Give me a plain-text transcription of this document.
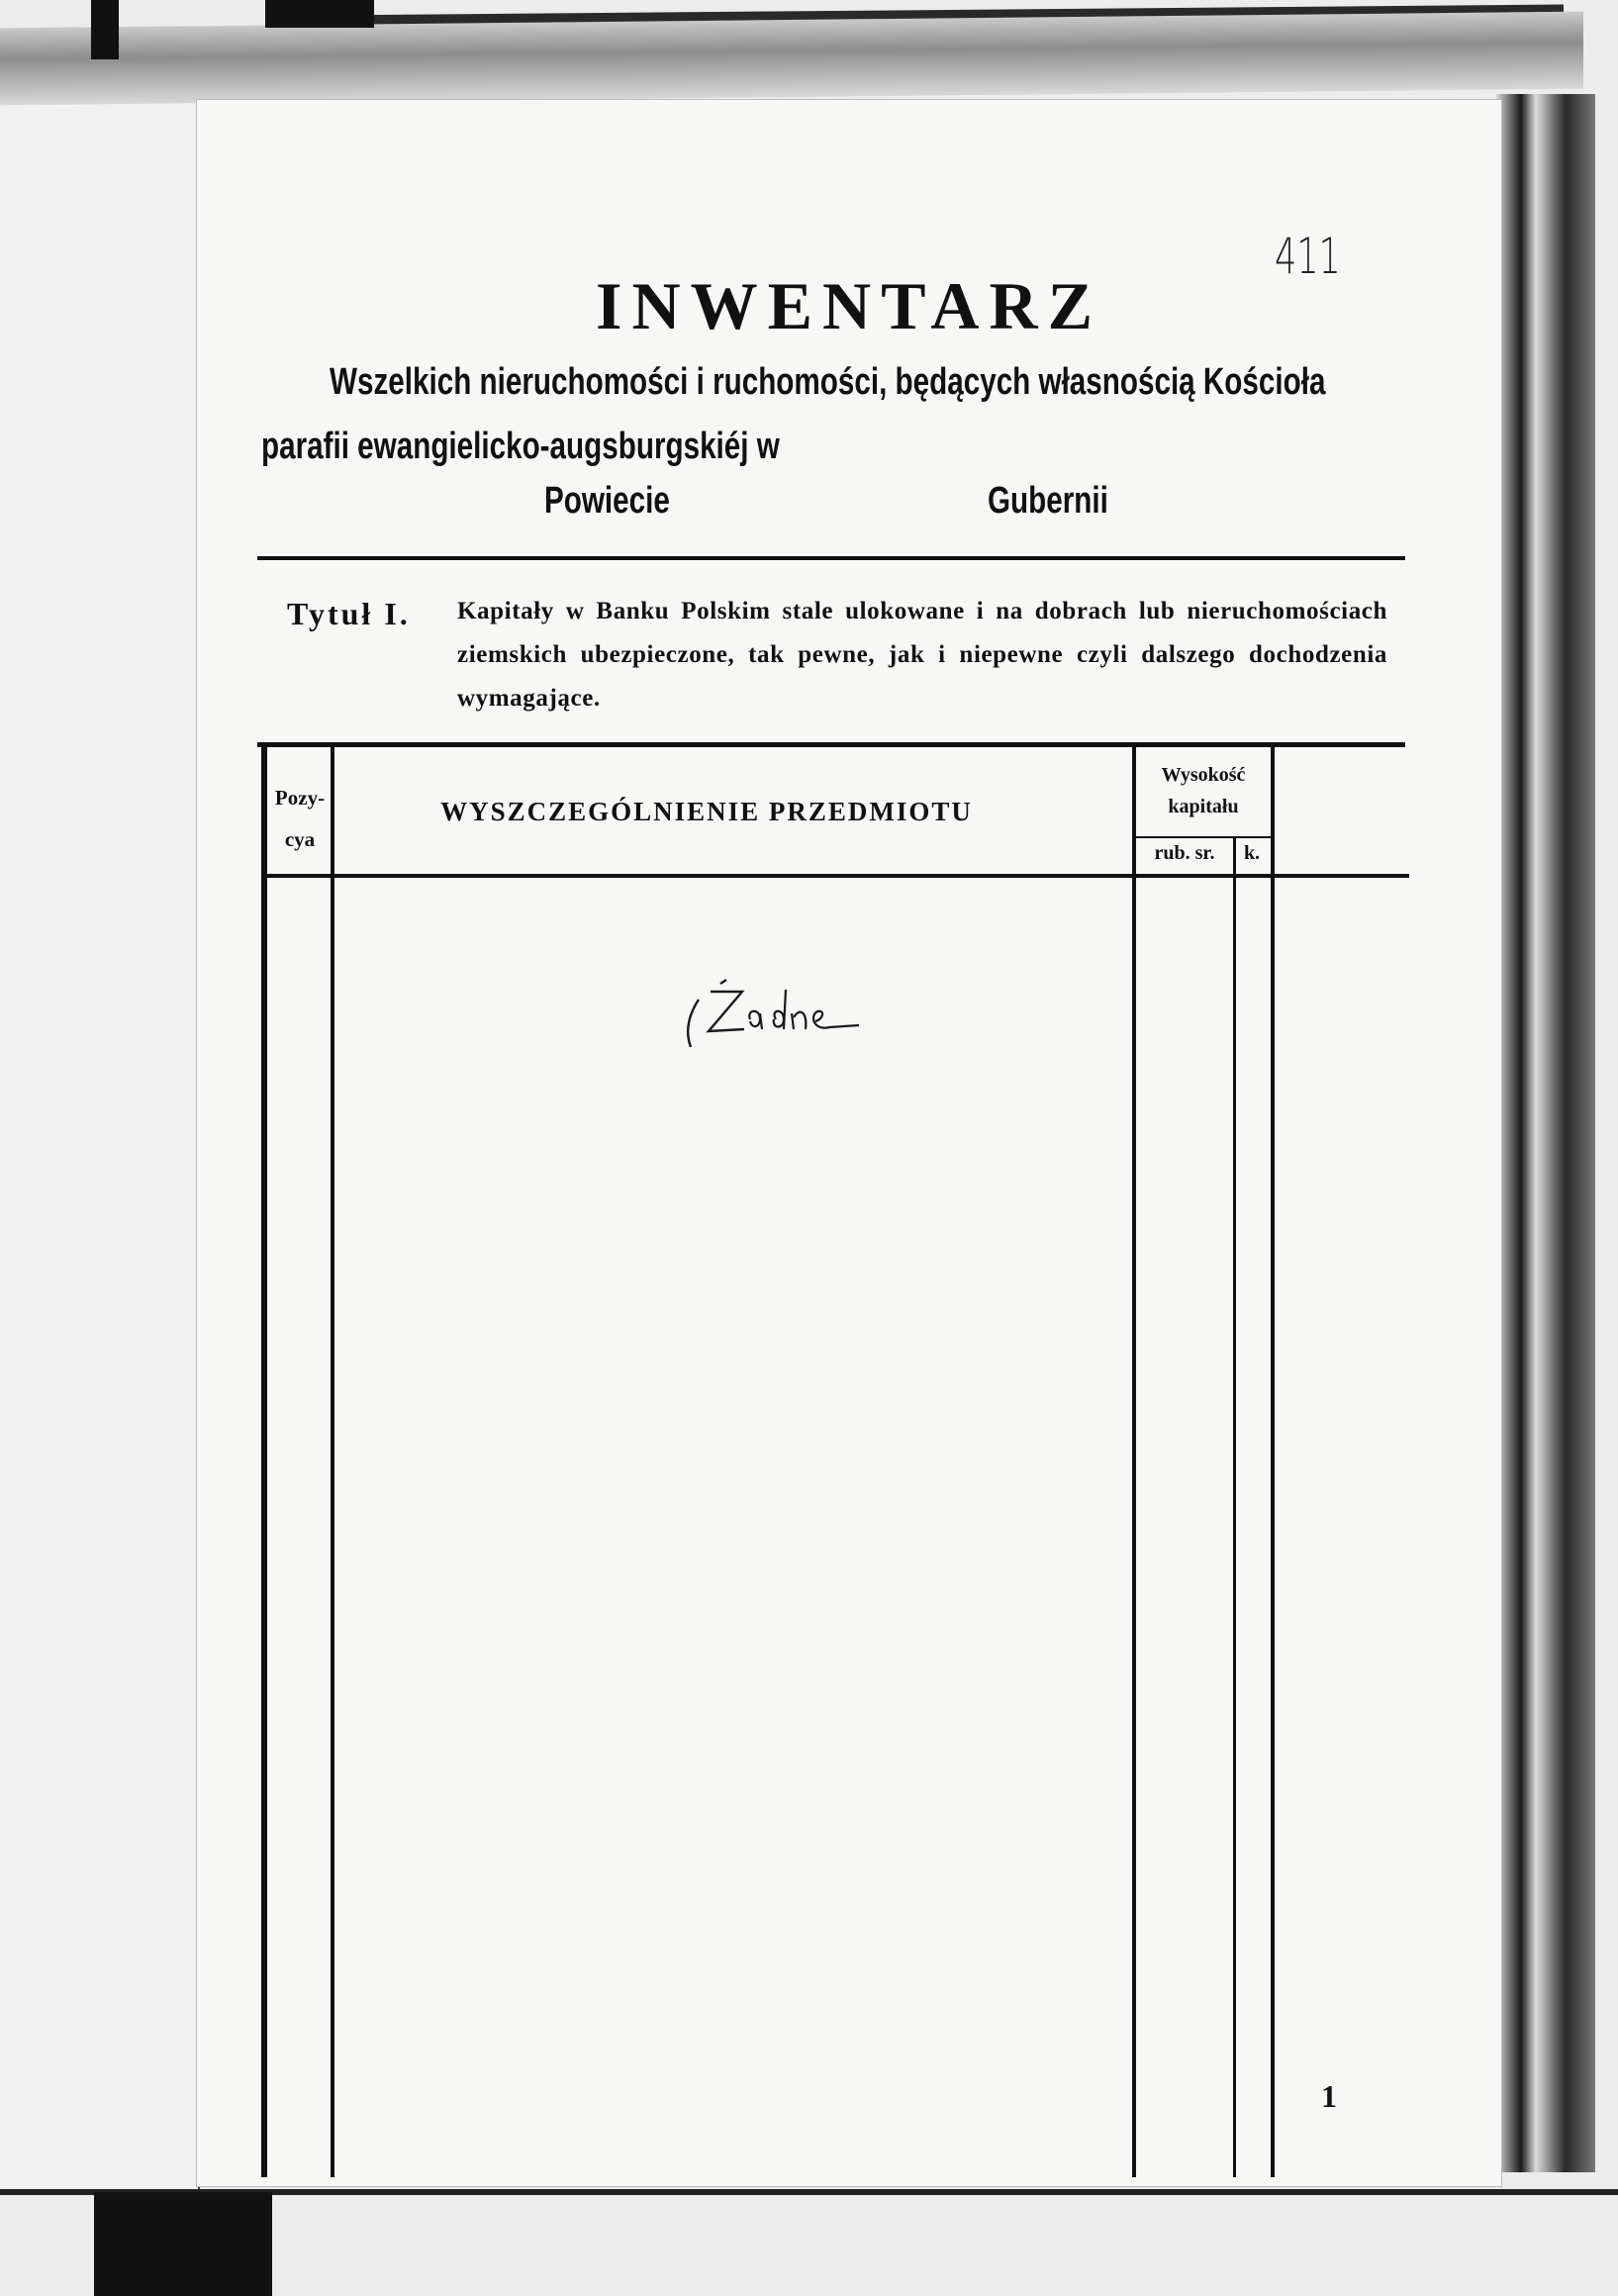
411
INWENTARZ
Wszelkich nieruchomości i ruchomości, będących własnością Kościoła
parafii ewangielicko-augsburgskiéj w
Powiecie	Gubernii
Tytuł I. Kapitały w Banku Polskim stale ulokowane i na dobrach lub nieruchomościach ziemskich ubezpieczone, tak pewne, jak i niepewne czyli dalszego dochodzenia wymagające.
Pozy-
cya
WYSZCZEGÓLNIENIE PRZEDMIOTU
Wysokość
kapitału
rub. sr.	k.
1
